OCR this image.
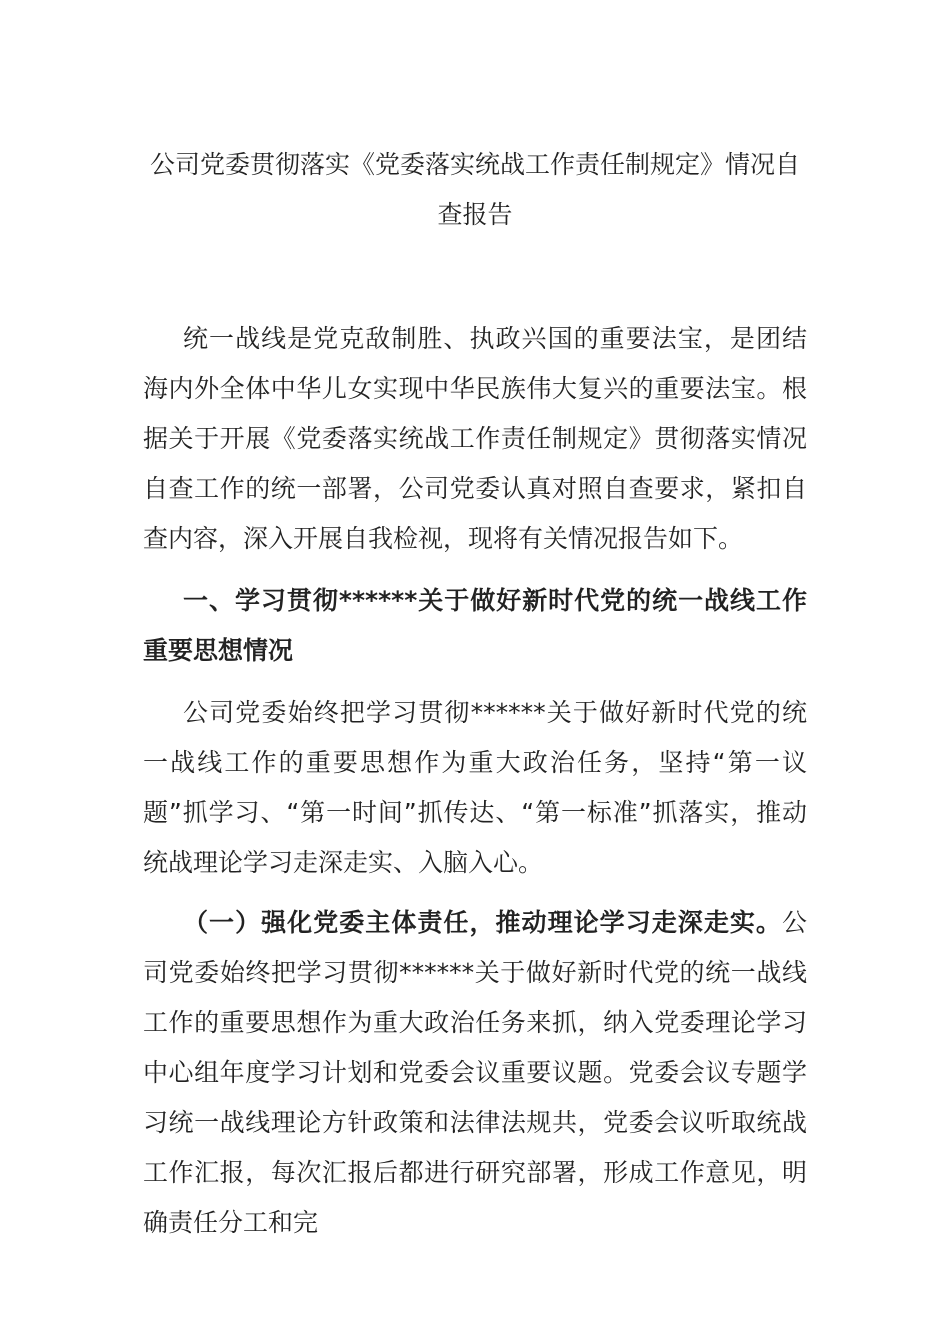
公司党委贯彻落实《党委落实统战工作责任制规定》情况自查报告

统一战线是党克敌制胜、执政兴国的重要法宝，是团结海内外全体中华儿女实现中华民族伟大复兴的重要法宝。根据关于开展《党委落实统战工作责任制规定》贯彻落实情况自查工作的统一部署，公司党委认真对照自查要求，紧扣自查内容，深入开展自我检视，现将有关情况报告如下。

一、学习贯彻******关于做好新时代党的统一战线工作重要思想情况

公司党委始终把学习贯彻******关于做好新时代党的统一战线工作的重要思想作为重大政治任务，坚持“第一议题”抓学习、“第一时间”抓传达、“第一标准”抓落实，推动统战理论学习走深走实、入脑入心。

（一）强化党委主体责任，推动理论学习走深走实。公司党委始终把学习贯彻******关于做好新时代党的统一战线工作的重要思想作为重大政治任务来抓，纳入党委理论学习中心组年度学习计划和党委会议重要议题。党委会议专题学习统一战线理论方针政策和法律法规共，党委会议听取统战工作汇报，每次汇报后都进行研究部署，形成工作意见，明确责任分工和完
